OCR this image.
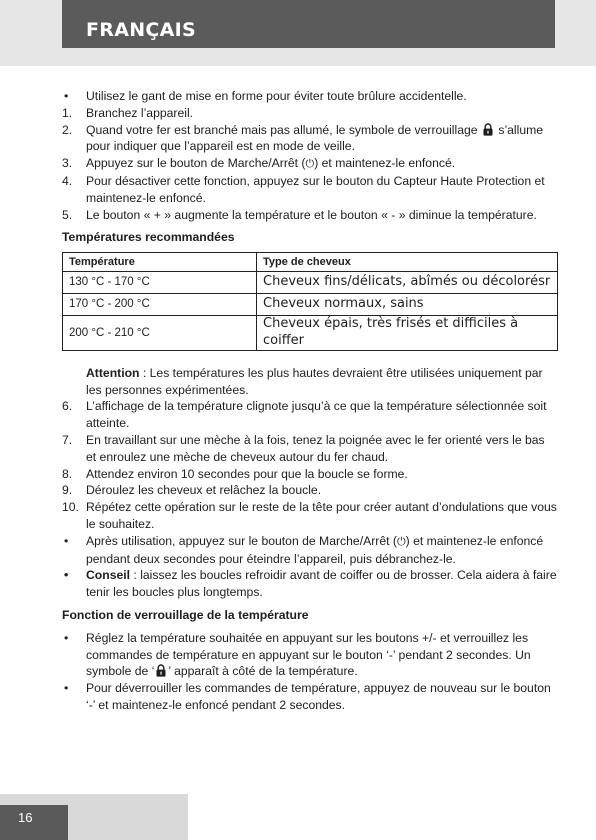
FRANÇAIS
•	Utilisez le gant de mise en forme pour éviter toute brûlure accidentelle.
1.	Branchez l’appareil.
2.	Quand votre fer est branché mais pas allumé, le symbole de verrouillage s’allume pour indiquer que l’appareil est en mode de veille.
3.	Appuyez sur le bouton de Marche/Arrêt (⏻) et maintenez-le enfoncé.
4.	Pour désactiver cette fonction, appuyez sur le bouton du Capteur Haute Protection et maintenez-le enfoncé.
5.	Le bouton « + » augmente la température et le bouton « - » diminue la température.
Températures recommandées
Température	Type de cheveux
130 °C - 170 °C	Cheveux fins/délicats, abîmés ou décolorésr
170 °C - 200 °C	Cheveux normaux, sains
200 °C - 210 °C	Cheveux épais, très frisés et difficiles à coiffer
Attention : Les températures les plus hautes devraient être utilisées uniquement par les personnes expérimentées.
6.	L’affichage de la température clignote jusqu’à ce que la température sélectionnée soit atteinte.
7.	En travaillant sur une mèche à la fois, tenez la poignée avec le fer orienté vers le bas et enroulez une mèche de cheveux autour du fer chaud.
8.	Attendez environ 10 secondes pour que la boucle se forme.
9.	Déroulez les cheveux et relâchez la boucle.
10. Répétez cette opération sur le reste de la tête pour créer autant d’ondulations que vous le souhaitez.
•	Après utilisation, appuyez sur le bouton de Marche/Arrêt (⏻) et maintenez-le enfoncé pendant deux secondes pour éteindre l’appareil, puis débranchez-le.
•	Conseil : laissez les boucles refroidir avant de coiffer ou de brosser. Cela aidera à faire tenir les boucles plus longtemps.
Fonction de verrouillage de la température
•	Réglez la température souhaitée en appuyant sur les boutons +/- et verrouillez les commandes de température en appuyant sur le bouton ‘-’ pendant 2 secondes. Un symbole de ‘ ’ apparaît à côté de la température.
•	Pour déverrouiller les commandes de température, appuyez de nouveau sur le bouton ‘-’ et maintenez-le enfoncé pendant 2 secondes.
16
